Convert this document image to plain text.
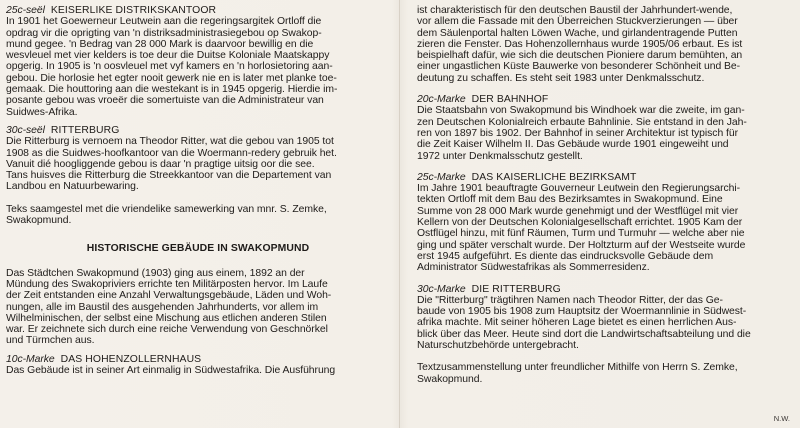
25c-seël KEISERLIKE DISTRIKSKANTOOR
In 1901 het Goewerneur Leutwein aan die regeringsargitek Ortloff die
opdrag vir die oprigting van 'n distriksadministrasiegebou op Swakop-
mund gegee. 'n Bedrag van 28 000 Mark is daarvoor bewillig en die
wesvleuel met vier kelders is toe deur die Duitse Koloniale Maatskappy
opgerig. In 1905 is 'n oosvleuel met vyf kamers en 'n horlosietoring aan-
gebou. Die horlosie het egter nooit gewerk nie en is later met planke toe-
gemaak. Die houttoring aan die westekant is in 1945 opgerig. Hierdie im-
posante gebou was vroeër die somertuiste van die Administrateur van
Suidwes-Afrika.
30c-seël RITTERBURG
Die Ritterburg is vernoem na Theodor Ritter, wat die gebou van 1905 tot
1908 as die Suidwes-hoofkantoor van die Woermann-redery gebruik het.
Vanuit dié hoogliggende gebou is daar 'n pragtige uitsig oor die see.
Tans huisves die Ritterburg die Streekkantoor van die Departement van
Landbou en Natuurbewaring.
Teks saamgestel met die vriendelike samewerking van mnr. S. Zemke,
Swakopmund.
HISTORISCHE GEBÄUDE IN SWAKOPMUND
Das Städtchen Swakopmund (1903) ging aus einem, 1892 an der
Mündung des Swakopriviers errichte ten Militärposten hervor. Im Laufe
der Zeit entstanden eine Anzahl Verwaltungsgebäude, Läden und Woh-
nungen, alle im Baustil des ausgehenden Jahrhunderts, vor allem im
Wilhelminischen, der selbst eine Mischung aus etlichen anderen Stilen
war. Er zeichnete sich durch eine reiche Verwendung von Geschnörkel
und Türmchen aus.
10c-Marke DAS HOHENZOLLERNHAUS
Das Gebäude ist in seiner Art einmalig in Südwestafrika. Die Ausführung
ist charakteristisch für den deutschen Baustil der Jahrhundert-wende,
vor allem die Fassade mit den Überreichen Stuckverzierungen — über
dem Säulenportal halten Löwen Wache, und girlandentragende Putten
zieren die Fenster. Das Hohenzollernhaus wurde 1905/06 erbaut. Es ist
beispielhaft dafür, wie sich die deutschen Pioniere darum bemühten, an
einer ungastlichen Küste Bauwerke von besonderer Schönheit und Be-
deutung zu schaffen. Es steht seit 1983 unter Denkmalsschutz.
20c-Marke DER BAHNHOF
Die Staatsbahn von Swakopmund bis Windhoek war die zweite, im gan-
zen Deutschen Kolonialreich erbaute Bahnlinie. Sie entstand in den Jah-
ren von 1897 bis 1902. Der Bahnhof in seiner Architektur ist typisch für
die Zeit Kaiser Wilhelm II. Das Gebäude wurde 1901 eingeweiht und
1972 unter Denkmalsschutz gestellt.
25c-Marke DAS KAISERLICHE BEZIRKSAMT
Im Jahre 1901 beauftragte Gouverneur Leutwein den Regierungsarchi-
tekten Ortloff mit dem Bau des Bezirksamtes in Swakopmund. Eine
Summe von 28 000 Mark wurde genehmigt und der Westflügel mit vier
Kellern von der Deutschen Kolonialgesellschaft errichtet. 1905 Kam der
Ostflügel hinzu, mit fünf Räumen, Turm und Turmuhr — welche aber nie
ging und später verschalt wurde. Der Holtzturm auf der Westseite wurde
erst 1945 aufgeführt. Es diente das eindrucksvolle Gebäude dem
Administrator Südwestafrikas als Sommerresidenz.
30c-Marke DIE RITTERBURG
Die "Ritterburg" trägtihren Namen nach Theodor Ritter, der das Ge-
baude von 1905 bis 1908 zum Hauptsitz der Woermannlinie in Südwest-
afrika machte. Mit seiner höheren Lage bietet es einen herrlichen Aus-
blick über das Meer. Heute sind dort die Landwirtschaftsabteilung und die
Naturschutzbehörde untergebracht.
Textzusammenstellung unter freundlicher Mithilfe von Herrn S. Zemke,
Swakopmund.
N.W.
